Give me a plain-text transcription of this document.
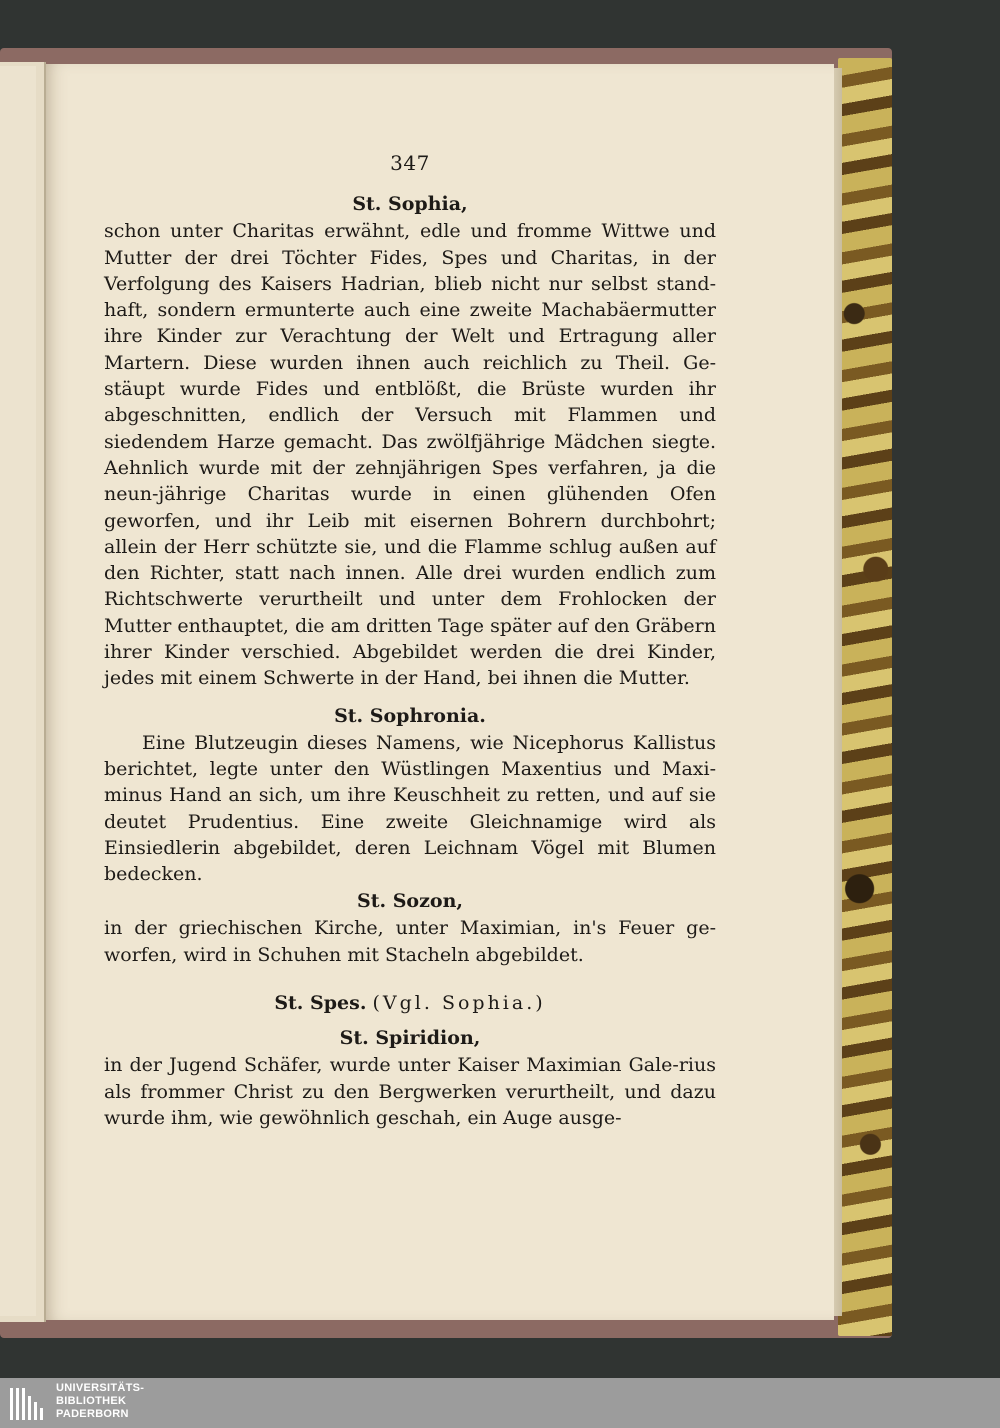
347

St. Sophia,

schon unter Charitas erwähnt, edle und fromme Wittwe und Mutter der drei Töchter Fides, Spes und Charitas, in der Verfolgung des Kaisers Hadrian, blieb nicht nur selbst stand-haft, sondern ermunterte auch eine zweite Machabäermutter ihre Kinder zur Verachtung der Welt und Ertragung aller Martern. Diese wurden ihnen auch reichlich zu Theil. Ge-stäupt wurde Fides und entblößt, die Brüste wurden ihr abgeschnitten, endlich der Versuch mit Flammen und siedendem Harze gemacht. Das zwölfjährige Mädchen siegte. Aehnlich wurde mit der zehnjährigen Spes verfahren, ja die neun-jährige Charitas wurde in einen glühenden Ofen geworfen, und ihr Leib mit eisernen Bohrern durchbohrt; allein der Herr schützte sie, und die Flamme schlug außen auf den Richter, statt nach innen. Alle drei wurden endlich zum Richtschwerte verurtheilt und unter dem Frohlocken der Mutter enthauptet, die am dritten Tage später auf den Gräbern ihrer Kinder verschied. Abgebildet werden die drei Kinder, jedes mit einem Schwerte in der Hand, bei ihnen die Mutter.

St. Sophronia.

Eine Blutzeugin dieses Namens, wie Nicephorus Kallistus berichtet, legte unter den Wüstlingen Maxentius und Maxi-minus Hand an sich, um ihre Keuschheit zu retten, und auf sie deutet Prudentius. Eine zweite Gleichnamige wird als Einsiedlerin abgebildet, deren Leichnam Vögel mit Blumen bedecken.

St. Sozon,

in der griechischen Kirche, unter Maximian, in's Feuer ge-worfen, wird in Schuhen mit Stacheln abgebildet.

St. Spes. (Vgl. Sophia.)

St. Spiridion,

in der Jugend Schäfer, wurde unter Kaiser Maximian Gale-rius als frommer Christ zu den Bergwerken verurtheilt, und dazu wurde ihm, wie gewöhnlich geschah, ein Auge ausge-

UNIVERSITÄTS-
BIBLIOTHEK
PADERBORN
